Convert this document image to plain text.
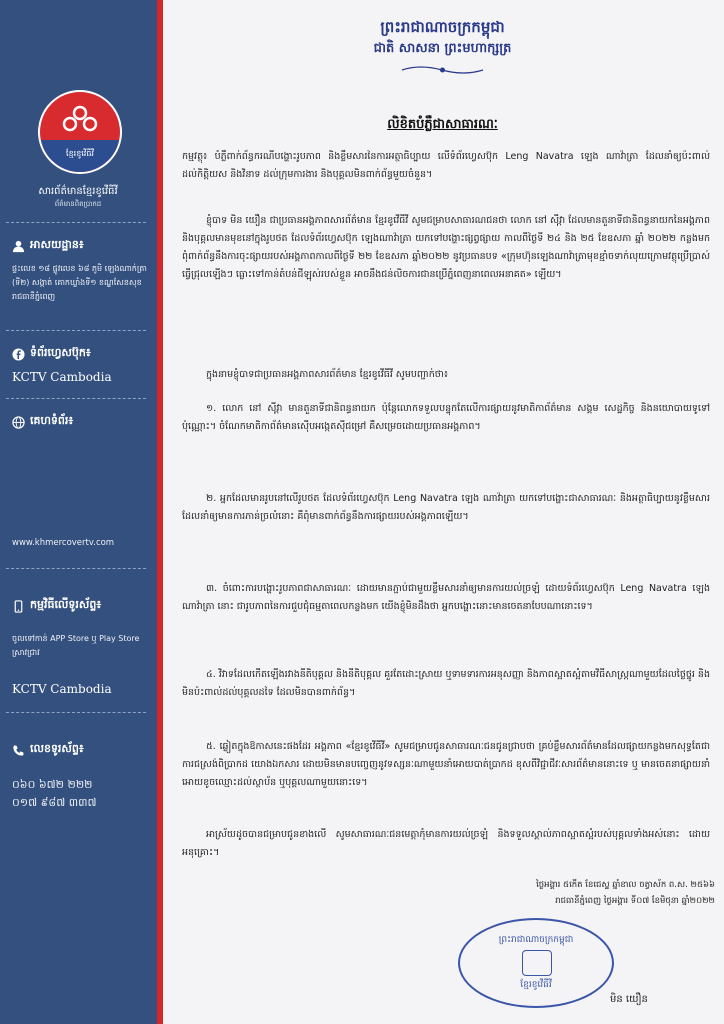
ខ្មែរខូវើធីវី
សារព័ត៌មានខ្មែរខូវើធីវី
ព័ត៌មានពិតប្រាកដ
អាសយដ្ឋាន៖
ផ្ទះលេខ ១៨ ផ្លូវលេខ ៦៨ ភូមិ ឡេងណាក់ត្រា (ទី២) សង្កាត់ គោកឃ្លាំងទី១ ខណ្ឌសែនសុខ រាជធានីភ្នំពេញ
ទំព័រហ្វេសប៊ុក៖
KCTV Cambodia
គេហទំព័រ៖
www.khmercovertv.com
កម្មវិធីលើទូរស័ព្ទ៖
ចូលទៅកាន់ APP Store ឬ Play Store ស្រាវជ្រាវ
KCTV Cambodia
លេខទូរស័ព្ទ៖
០៦០ ៦៧២ ២២២
០១៧ ៩៨៧ ៣៣៧
ព្រះរាជាណាចក្រកម្ពុជា
ជាតិ សាសនា ព្រះមហាក្សត្រ
លិខិតបំភ្លឺជាសាធារណៈ
កម្មវត្ថុ៖ បំភ្លឺពាក់ព័ន្ធករណីបង្ហោះរូបភាព និងខ្លឹមសារនៃការអត្ថាធិប្បាយ លើទំព័រហ្វេសប៊ុក Leng Navatra ឡេង ណាវ៉ាត្រា ដែលនាំឲ្យប៉ះពាល់ដល់កិត្តិយស និងវិនាទ ដល់ក្រុមការងារ និងបុគ្គលមិនពាក់ព័ន្ធមួយចំនួន។
ខ្ញុំបាទ មិន យឿន ជាប្រធានអង្គភាពសារព័ត៌មាន ខ្មែរខូវើធីវី សូមជម្រាបសាធារណជនថា លោក នៅ ស៊ីវ្កា ដែលមានតួនាទីជានិពន្ធនាយកនៃអង្គភាព និងបុគ្គលមានមុខនៅក្នុងរូបថត ដែលទំព័រហ្វេសប៊ុក ឡេងណាវ៉ាត្រា យកទៅបង្ហោះផ្សព្វផ្សាយ កាលពីថ្ងៃទី ២៤ និង ២៥ ខែឧសភា ឆ្នាំ ២០២២ កន្លងមក ពុំពាក់ព័ន្ធនឹងការចុះផ្សាយរបស់អង្គភាពកាលពីថ្ងៃទី ២២ ខែឧសភា ឆ្នាំ២០២២ នូវប្រធានបទ «ក្រុមហ៊ុនឡេងណាវ៉ាត្រាមុខខ្មាំចទាក់លុយក្រោមវត្ថុប្រើប្រាស់ធ្វើជ្រុលឡើងៗ ធ្លោះទៅកាន់តំបន់ជីឡុស់របស់ខ្លួន អាចនឹងជន់លិចការជានប្រើភ្នំពេញនាពេលអនាគត» ឡើយ។
ក្នុងនាមខ្ញុំបាទជាប្រធានអង្គភាពសារព័ត៌មាន ខ្មែរខូវើធីវី សូមបញ្ជាក់ថា៖
១. លោក នៅ ស៊ីវ្កា មានតួនាទីជានិពន្ធនាយក ប៉ុន្តែលោកទទួលបន្ទុកតែលើការផ្សាយនូវមាតិកាព័ត៌មាន សង្គម សេដ្ឋកិច្ច និងនយោបាយទូទៅប៉ុណ្ណោះ។ ចំណែកមាតិកាព័ត៌មានស៊ើបអង្កេតស៊ីជម្រៅ គឺសម្រេចដោយប្រធានអង្គភាព។
២. អ្នកដែលមានរូបនៅលើរូបថត ដែលទំព័រហ្វេសប៊ុក Leng Navatra ឡេង ណាវ៉ាត្រា យកទៅបង្ហោះជាសាធារណៈ និងអត្ថាធិប្បាយនូវខ្លឹមសារដែលនាំឲ្យមានការភាន់ច្រលំនោះ គឺពុំមានពាក់ព័ន្ធនឹងការផ្សាយរបស់អង្គភាពឡើយ។
៣. ចំពោះការបង្ហោះរូបភាពជាសាធារណៈ ដោយមានភ្ជាប់ជាមួយខ្លឹមសារនាំឲ្យមានការយល់ច្រឡំ ដោយទំព័រហ្វេសប៊ុក Leng Navatra ឡេង ណាវ៉ាត្រា នោះ ជារូបភាពនៃការជួបជុំធម្មតាពេលកន្លងមក យើងខ្ញុំមិនដឹងថា អ្នកបង្ហោះនោះមានចេតនាបែបណានោះទេ។
៤. វិវាទដែលកើតឡើងរវាងនីតិបុគ្គល និងនីតិបុគ្គល គួរតែដោះស្រាយ ឬទាមទារការអនុសញ្ញា និងភាពស្អាតស្អំតាមវិធីសាស្ត្រណាមួយដែលថ្លៃថ្នូរ និងមិនប៉ះពាល់ដល់បុគ្គលដទៃ ដែលមិនបានពាក់ព័ន្ធ។
៥. ឆ្លៀតក្នុងឱកាសនេះផងដែរ អង្គភាព «ខ្មែរខូវើធីវី» សូមជម្រាបជូនសាធារណៈជនជូនជ្រាបថា គ្រប់ខ្លឹមសារព័ត៌មានដែលផ្សាយកន្លងមកសុទ្ធតែជាការជស្រង់ពិប្រាកដ យោងឯកសារ ដោយមិនមានបញ្ចេញនូវទស្សនៈណាមួយនាំអោយបាត់ប្រាកដ ខុសពីវិជ្ជាជីវៈសារព័ត៌មាននោះទេ ឬ មានចេតនាផ្សាយនាំអោយខូចឈ្មោះដល់ស្ថាប័ន ឬបុគ្គលណាមួយនោះទេ។
អាស្រ័យដូចបានជម្រាបជូនខាងលើ សូមសាធារណៈជនមេត្តាកុំមានការយល់ច្រឡំ និងទទួលស្គាល់ភាពស្អាតស្អំរបស់បុគ្គលទាំងអស់នោះ ដោយអនុគ្រោះ។
ថ្ងៃអង្គារ ៥កើត ខែជេស្ឋ ឆ្នាំខាល ចត្វាស័ក ព.ស. ២៥៦៦
រាជធានីភ្នំពេញ ថ្ងៃអង្គារ ទី០៧ ខែមិថុនា ឆ្នាំ២០២២
ព្រះរាជាណាចក្រកម្ពុជា
ខ្មែរខូវើធីវី
មិន យឿន
